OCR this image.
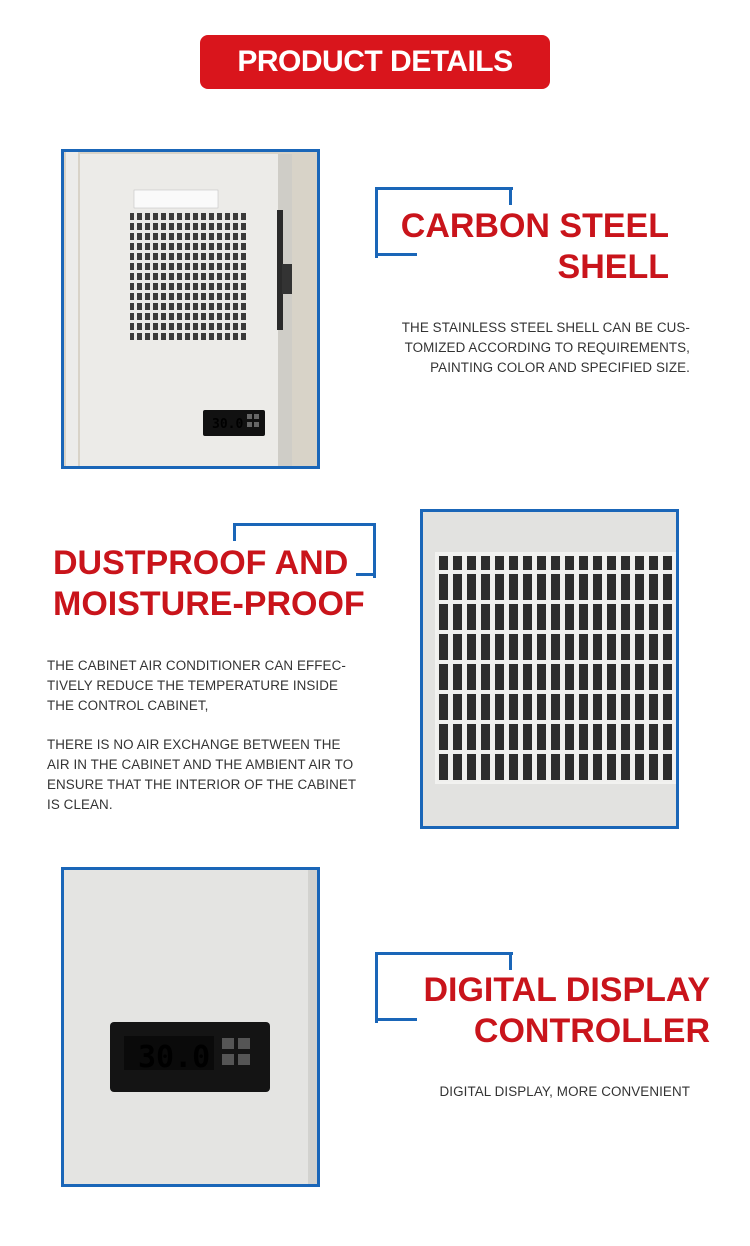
PRODUCT DETAILS
30.0
CARBON STEEL
SHELL
THE STAINLESS STEEL SHELL CAN BE CUS-
TOMIZED ACCORDING TO REQUIREMENTS,
PAINTING COLOR AND SPECIFIED SIZE.
DUSTPROOF AND
MOISTURE-PROOF
THE CABINET AIR CONDITIONER CAN EFFEC-
TIVELY REDUCE THE TEMPERATURE INSIDE
THE CONTROL CABINET,
THERE IS NO AIR EXCHANGE BETWEEN THE
AIR IN THE CABINET AND THE AMBIENT AIR TO
ENSURE THAT THE INTERIOR OF THE CABINET
IS CLEAN.
30.0
DIGITAL DISPLAY
CONTROLLER
DIGITAL DISPLAY, MORE CONVENIENT
